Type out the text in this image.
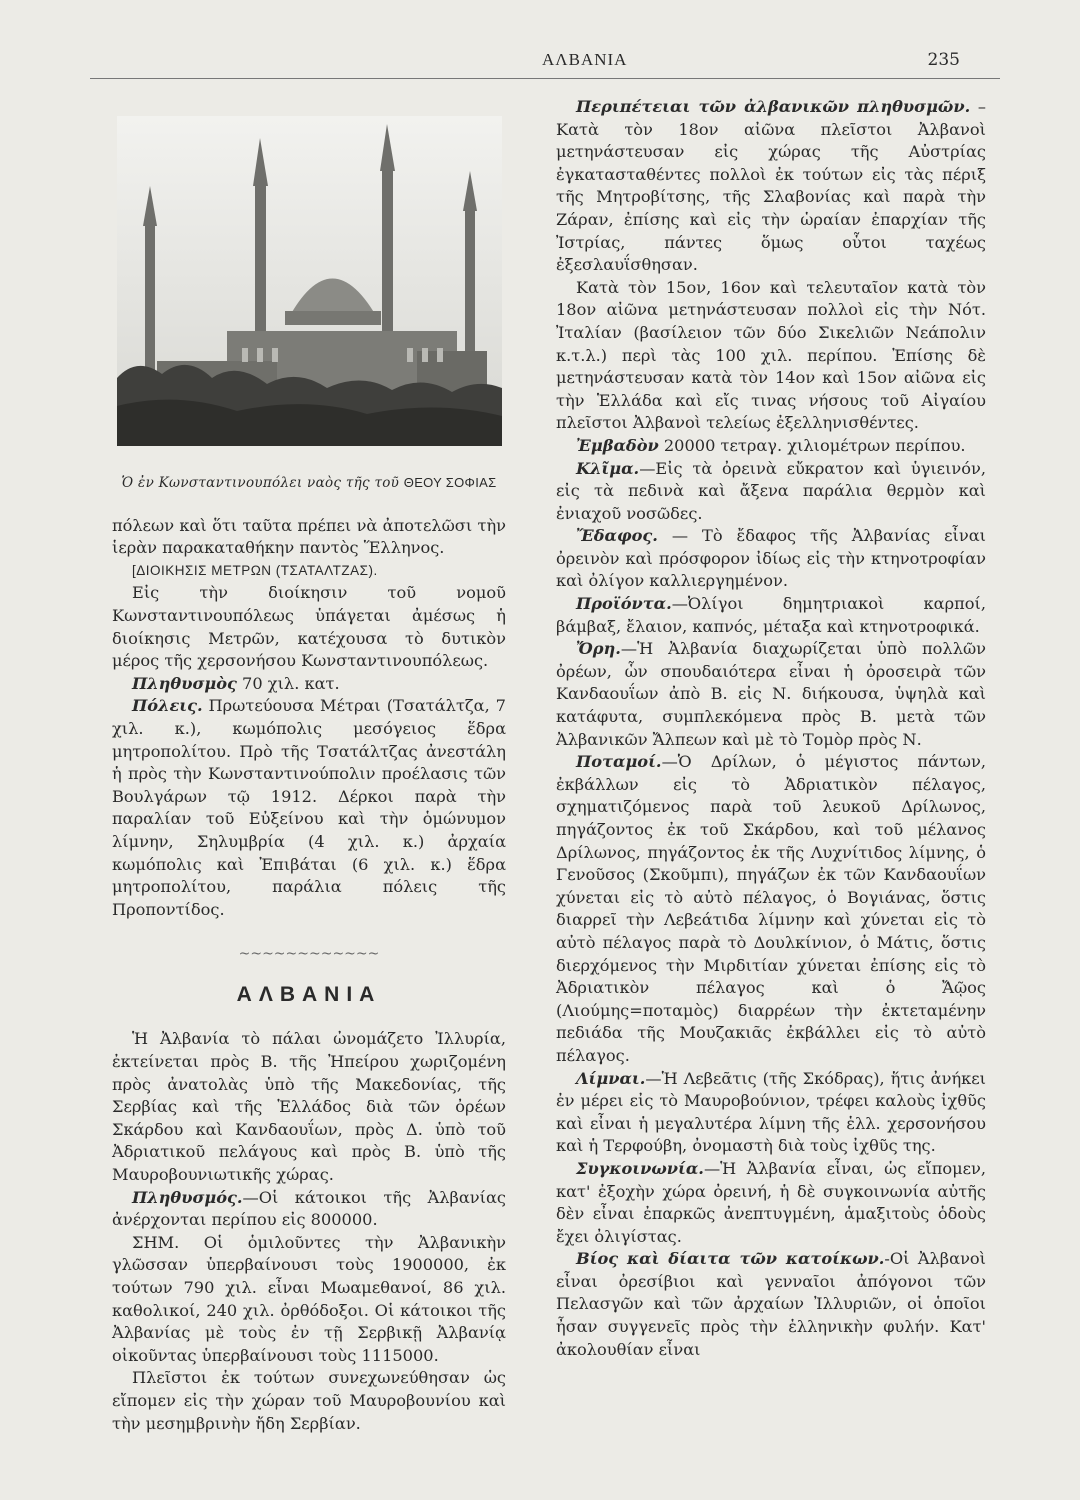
ΑΛΒΑΝΙΑ	235
Ὁ ἐν Κωνσταντινουπόλει ναὸς τῆς τοῦ ΘΕΟΥ ΣΟΦΙΑΣ

πόλεων καὶ ὅτι ταῦτα πρέπει νὰ ἀποτελῶσι τὴν ἱερὰν παρακαταθήκην παντὸς Ἕλληνος.

[ΔΙΟΙΚΗΣΙΣ ΜΕΤΡΩΝ (ΤΣΑΤΑΛΤΖΑΣ).

Εἰς τὴν διοίκησιν τοῦ νομοῦ Κωνσταντινουπόλεως ὑπάγεται ἀμέσως ἡ διοίκησις Μετρῶν, κατέχουσα τὸ δυτικὸν μέρος τῆς χερσονήσου Κωνσταντινουπόλεως.

Πληθυσμὸς 70 χιλ. κατ.

Πόλεις. Πρωτεύουσα Μέτραι (Τσατάλτζα, 7 χιλ. κ.), κωμόπολις μεσόγειος ἕδρα μητροπολίτου. Πρὸ τῆς Τσατάλτζας ἀνεστάλη ἡ πρὸς τὴν Κωνσταντινούπολιν προέλασις τῶν Βουλγάρων τῷ 1912. Δέρκοι παρὰ τὴν παραλίαν τοῦ Εὐξείνου καὶ τὴν ὁμώνυμον λίμνην, Σηλυμβρία (4 χιλ. κ.) ἀρχαία κωμόπολις καὶ Ἐπιβάται (6 χιλ. κ.) ἕδρα μητροπολίτου, παράλια πόλεις τῆς Προποντίδος.

~~~~~~~~~~~~
ΑΛΒΑΝΙΑ

Ἡ Ἀλβανία τὸ πάλαι ὠνομάζετο Ἰλλυρία, ἐκτείνεται πρὸς Β. τῆς Ἠπείρου χωριζομένη πρὸς ἀνατολὰς ὑπὸ τῆς Μακεδονίας, τῆς Σερβίας καὶ τῆς Ἑλλάδος διὰ τῶν ὀρέων Σκάρδου καὶ Κανδαουΐων, πρὸς Δ. ὑπὸ τοῦ Ἀδριατικοῦ πελάγους καὶ πρὸς Β. ὑπὸ τῆς Μαυροβουνιωτικῆς χώρας.

Πληθυσμός.—Οἱ κάτοικοι τῆς Ἀλβανίας ἀνέρχονται περίπου εἰς 800000.

ΣΗΜ. Οἱ ὁμιλοῦντες τὴν Ἀλβανικὴν γλῶσσαν ὑπερβαίνουσι τοὺς 1900000, ἐκ τούτων 790 χιλ. εἶναι Μωαμεθανοί, 86 χιλ. καθολικοί, 240 χιλ. ὀρθόδοξοι. Οἱ κάτοικοι τῆς Ἀλβανίας μὲ τοὺς ἐν τῇ Σερβικῇ Ἀλβανίᾳ οἰκοῦντας ὑπερβαίνουσι τοὺς 1115000.

Πλεῖστοι ἐκ τούτων συνεχωνεύθησαν ὡς εἴπομεν εἰς τὴν χώραν τοῦ Μαυροβουνίου καὶ τὴν μεσημβρινὴν ἤδη Σερβίαν.

Περιπέτειαι τῶν ἀλβανικῶν πληθυσμῶν. – Κατὰ τὸν 18ον αἰῶνα πλεῖστοι Ἀλβανοὶ μετηνάστευσαν εἰς χώρας τῆς Αὐστρίας ἐγκατασταθέντες πολλοὶ ἐκ τούτων εἰς τὰς πέριξ τῆς Μητροβίτσης, τῆς Σλαβονίας καὶ παρὰ τὴν Ζάραν, ἐπίσης καὶ εἰς τὴν ὡραίαν ἐπαρχίαν τῆς Ἰστρίας, πάντες ὅμως οὗτοι ταχέως ἐξεσλαυΐσθησαν.

Κατὰ τὸν 15ον, 16ον καὶ τελευταῖον κατὰ τὸν 18ον αἰῶνα μετηνάστευσαν πολλοὶ εἰς τὴν Νότ. Ἰταλίαν (βασίλειον τῶν δύο Σικελιῶν Νεάπολιν κ.τ.λ.) περὶ τὰς 100 χιλ. περίπου. Ἐπίσης δὲ μετηνάστευσαν κατὰ τὸν 14ον καὶ 15ον αἰῶνα εἰς τὴν Ἑλλάδα καὶ εἴς τινας νήσους τοῦ Αἰγαίου πλεῖστοι Ἀλβανοὶ τελείως ἐξελληνισθέντες.

Ἐμβαδὸν 20000 τετραγ. χιλιομέτρων περίπου.

Κλῖμα.—Εἰς τὰ ὀρεινὰ εὔκρατον καὶ ὑγιεινόν, εἰς τὰ πεδινὰ καὶ ἄξενα παράλια θερμὸν καὶ ἐνιαχοῦ νοσῶδες.

Ἔδαφος. — Τὸ ἔδαφος τῆς Ἀλβανίας εἶναι ὀρεινὸν καὶ πρόσφορον ἰδίως εἰς τὴν κτηνοτροφίαν καὶ ὀλίγον καλλιεργημένον.

Προϊόντα.—Ὀλίγοι δημητριακοὶ καρποί, βάμβαξ, ἔλαιον, καπνός, μέταξα καὶ κτηνοτροφικά.

Ὄρη.—Ἡ Ἀλβανία διαχωρίζεται ὑπὸ πολλῶν ὀρέων, ὧν σπουδαιότερα εἶναι ἡ ὀροσειρὰ τῶν Κανδαουΐων ἀπὸ Β. εἰς Ν. διήκουσα, ὑψηλὰ καὶ κατάφυτα, συμπλεκόμενα πρὸς Β. μετὰ τῶν Ἀλβανικῶν Ἄλπεων καὶ μὲ τὸ Τομὸρ πρὸς Ν.

Ποταμοί.—Ὁ Δρίλων, ὁ μέγιστος πάντων, ἐκβάλλων εἰς τὸ Ἀδριατικὸν πέλαγος, σχηματιζόμενος παρὰ τοῦ λευκοῦ Δρίλωνος, πηγάζοντος ἐκ τοῦ Σκάρδου, καὶ τοῦ μέλανος Δρίλωνος, πηγάζοντος ἐκ τῆς Λυχνίτιδος λίμνης, ὁ Γενοῦσος (Σκοῦμπι), πηγάζων ἐκ τῶν Κανδαουΐων χύνεται εἰς τὸ αὐτὸ πέλαγος, ὁ Βογιάνας, ὅστις διαρρεῖ τὴν Λεβεάτιδα λίμνην καὶ χύνεται εἰς τὸ αὐτὸ πέλαγος παρὰ τὸ Δουλκίνιον, ὁ Μάτις, ὅστις διερχόμενος τὴν Μιρδιτίαν χύνεται ἐπίσης εἰς τὸ Ἀδριατικὸν πέλαγος καὶ ὁ Ἄῷος (Λιούμης=ποταμὸς) διαρρέων τὴν ἐκτεταμένην πεδιάδα τῆς Μουζακιᾶς ἐκβάλλει εἰς τὸ αὐτὸ πέλαγος.

Λίμναι.—Ἡ Λεβεᾶτις (τῆς Σκόδρας), ἥτις ἀνήκει ἐν μέρει εἰς τὸ Μαυροβούνιον, τρέφει καλοὺς ἰχθῦς καὶ εἶναι ἡ μεγαλυτέρα λίμνη τῆς ἑλλ. χερσονήσου καὶ ἡ Τερφούβη, ὀνομαστὴ διὰ τοὺς ἰχθῦς της.

Συγκοινωνία.—Ἡ Ἀλβανία εἶναι, ὡς εἴπομεν, κατ' ἐξοχὴν χώρα ὀρεινή, ἡ δὲ συγκοινωνία αὐτῆς δὲν εἶναι ἐπαρκῶς ἀνεπτυγμένη, ἁμαξιτοὺς ὁδοὺς ἔχει ὀλιγίστας.

Βίος καὶ δίαιτα τῶν κατοίκων.-Οἱ Ἀλβανοὶ εἶναι ὀρεσίβιοι καὶ γενναῖοι ἀπόγονοι τῶν Πελασγῶν καὶ τῶν ἀρχαίων Ἰλλυριῶν, οἱ ὁποῖοι ἦσαν συγγενεῖς πρὸς τὴν ἑλληνικὴν φυλήν. Κατ' ἀκολουθίαν εἶναι
